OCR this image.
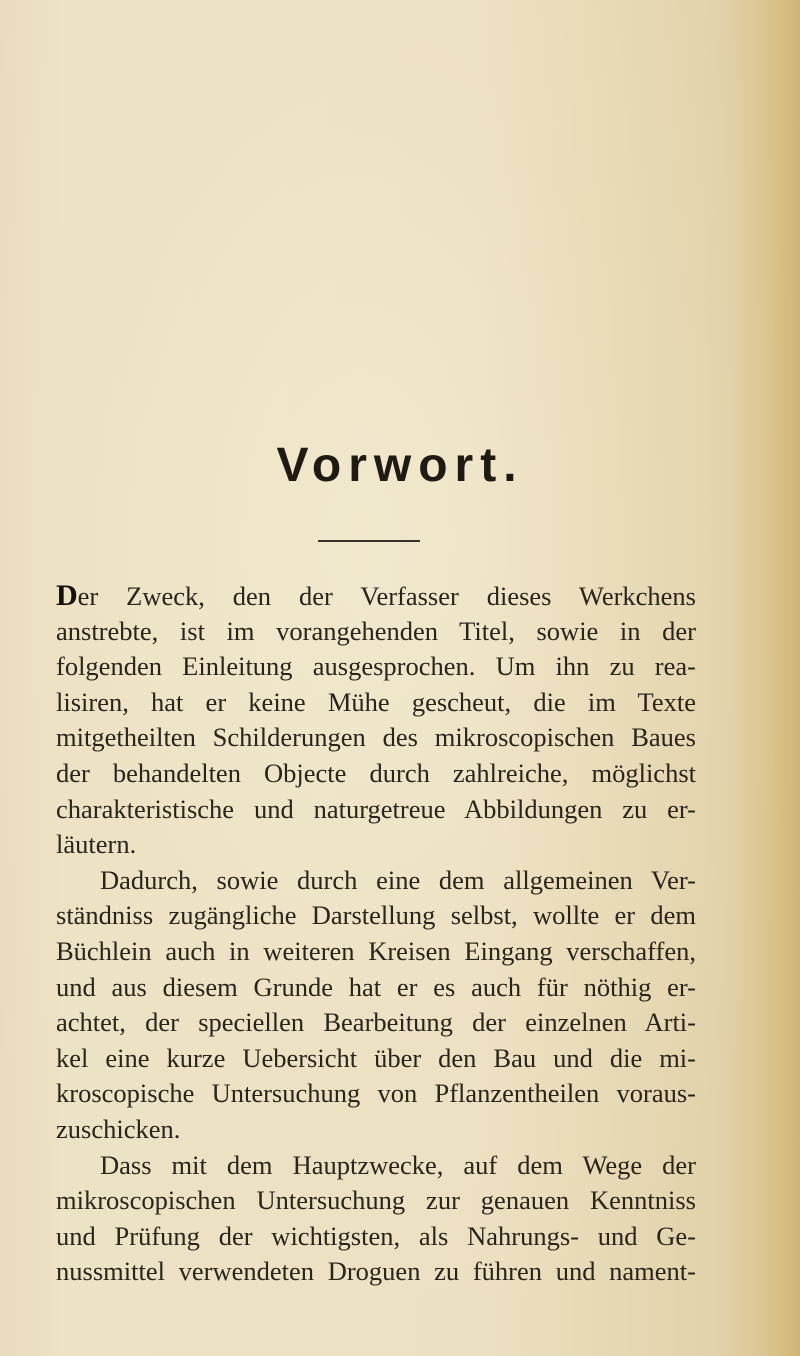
Vorwort.
Der Zweck, den der Verfasser dieses Werkchens
anstrebte, ist im vorangehenden Titel, sowie in der
folgenden Einleitung ausgesprochen. Um ihn zu rea-
lisiren, hat er keine Mühe gescheut, die im Texte
mitgetheilten Schilderungen des mikroscopischen Baues
der behandelten Objecte durch zahlreiche, möglichst
charakteristische und naturgetreue Abbildungen zu er-
läutern.
Dadurch, sowie durch eine dem allgemeinen Ver-
ständniss zugängliche Darstellung selbst, wollte er dem
Büchlein auch in weiteren Kreisen Eingang verschaffen,
und aus diesem Grunde hat er es auch für nöthig er-
achtet, der speciellen Bearbeitung der einzelnen Arti-
kel eine kurze Uebersicht über den Bau und die mi-
kroscopische Untersuchung von Pflanzentheilen voraus-
zuschicken.
Dass mit dem Hauptzwecke, auf dem Wege der
mikroscopischen Untersuchung zur genauen Kenntniss
und Prüfung der wichtigsten, als Nahrungs- und Ge-
nussmittel verwendeten Droguen zu führen und nament-
